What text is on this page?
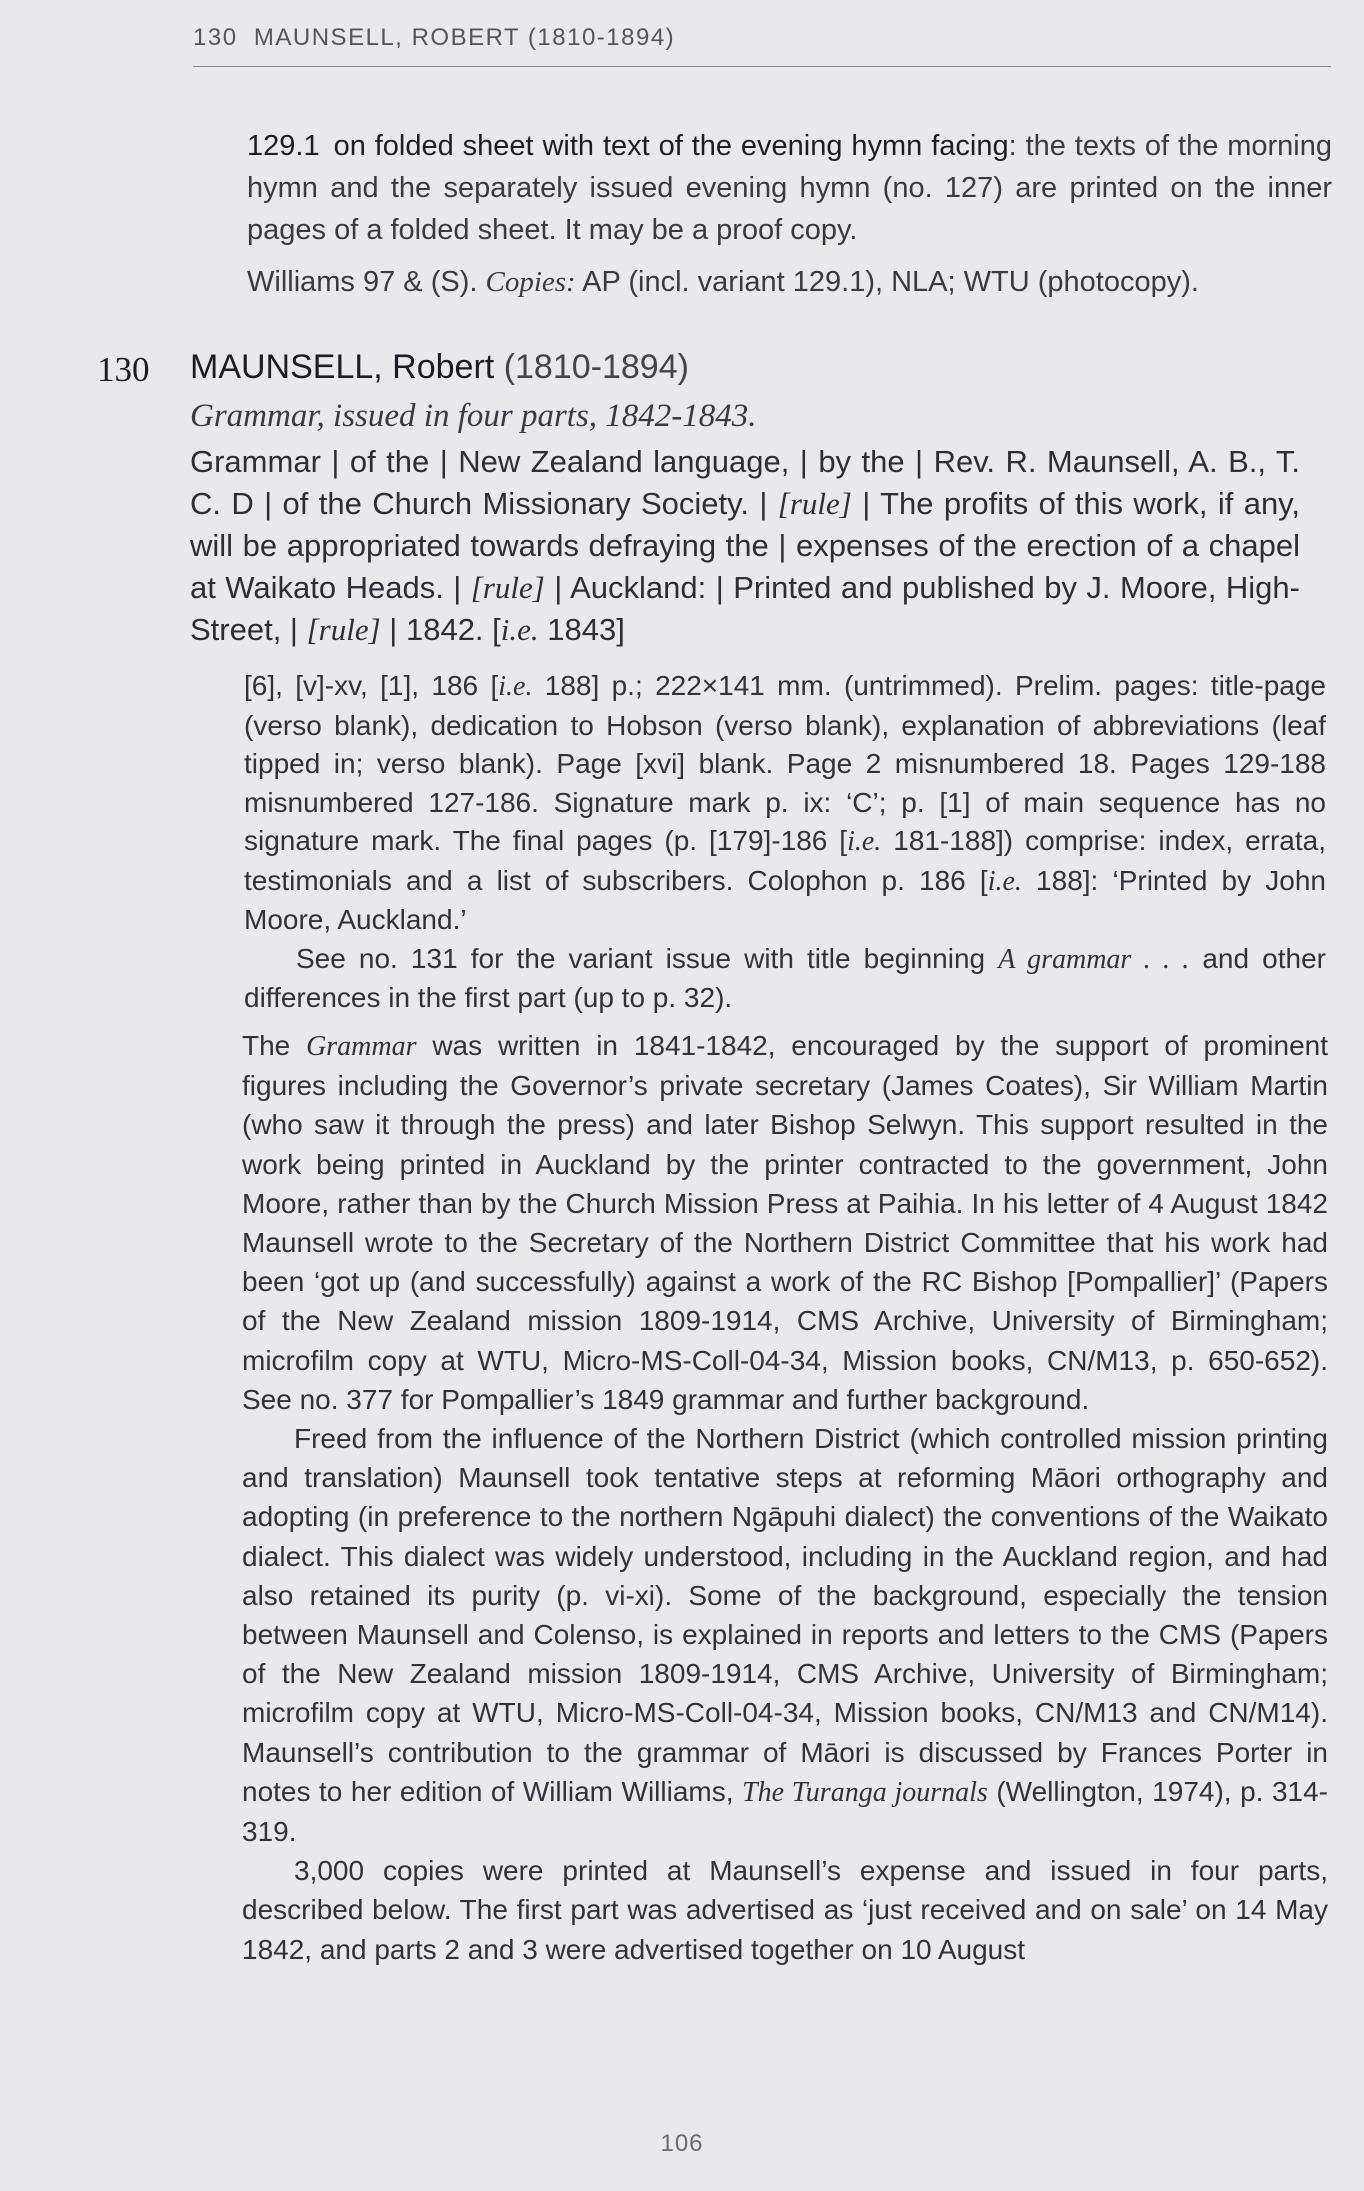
130 MAUNSELL, ROBERT (1810-1894)

129.1 on folded sheet with text of the evening hymn facing: the texts of the morning hymn and the separately issued evening hymn (no. 127) are printed on the inner pages of a folded sheet. It may be a proof copy.

Williams 97 & (S). Copies: AP (incl. variant 129.1), NLA; WTU (photocopy).

130 MAUNSELL, Robert (1810-1894)
Grammar, issued in four parts, 1842-1843.

Grammar | of the | New Zealand language, | by the | Rev. R. Maunsell, A. B., T. C. D | of the Church Missionary Society. | [rule] | The profits of this work, if any, will be appropriated towards defraying the | expenses of the erection of a chapel at Waikato Heads. | [rule] | Auckland: | Printed and published by J. Moore, High-Street, | [rule] | 1842. [i.e. 1843]

[6], [v]-xv, [1], 186 [i.e. 188] p.; 222×141 mm. (untrimmed). Prelim. pages: title-page (verso blank), dedication to Hobson (verso blank), explanation of abbreviations (leaf tipped in; verso blank). Page [xvi] blank. Page 2 misnumbered 18. Pages 129-188 misnumbered 127-186. Signature mark p. ix: ‘C’; p. [1] of main sequence has no signature mark. The final pages (p. [179]-186 [i.e. 181-188]) comprise: index, errata, testimonials and a list of subscribers. Colophon p. 186 [i.e. 188]: ‘Printed by John Moore, Auckland.’

See no. 131 for the variant issue with title beginning A grammar . . . and other differences in the first part (up to p. 32).

The Grammar was written in 1841-1842, encouraged by the support of prominent figures including the Governor’s private secretary (James Coates), Sir William Martin (who saw it through the press) and later Bishop Selwyn. This support resulted in the work being printed in Auckland by the printer contracted to the government, John Moore, rather than by the Church Mission Press at Paihia. In his letter of 4 August 1842 Maunsell wrote to the Secretary of the Northern District Committee that his work had been ‘got up (and successfully) against a work of the RC Bishop [Pompallier]’ (Papers of the New Zealand mission 1809-1914, CMS Archive, University of Birmingham; microfilm copy at WTU, Micro-MS-Coll-04-34, Mission books, CN/M13, p. 650-652). See no. 377 for Pompallier’s 1849 grammar and further background.

Freed from the influence of the Northern District (which controlled mission printing and translation) Maunsell took tentative steps at reforming Māori orthography and adopting (in preference to the northern Ngāpuhi dialect) the conventions of the Waikato dialect. This dialect was widely understood, including in the Auckland region, and had also retained its purity (p. vi-xi). Some of the background, especially the tension between Maunsell and Colenso, is explained in reports and letters to the CMS (Papers of the New Zealand mission 1809-1914, CMS Archive, University of Birmingham; microfilm copy at WTU, Micro-MS-Coll-04-34, Mission books, CN/M13 and CN/M14). Maunsell’s contribution to the grammar of Māori is discussed by Frances Porter in notes to her edition of William Williams, The Turanga journals (Wellington, 1974), p. 314-319.

3,000 copies were printed at Maunsell’s expense and issued in four parts, described below. The first part was advertised as ‘just received and on sale’ on 14 May 1842, and parts 2 and 3 were advertised together on 10 August

106
